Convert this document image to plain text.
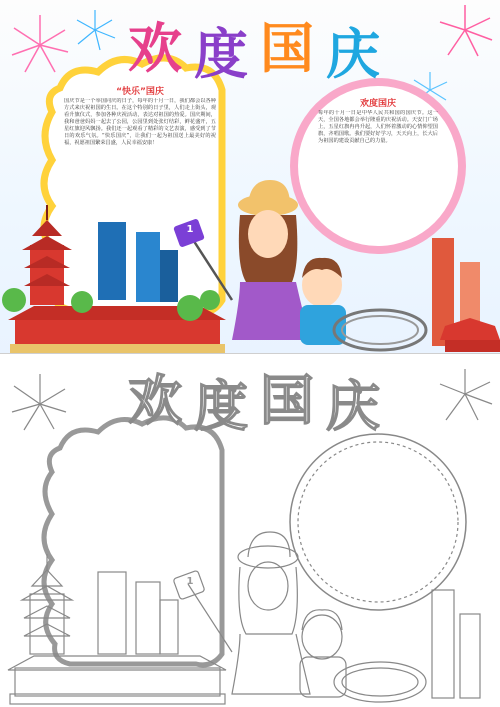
欢 度 国 庆
“快乐”国庆
国庆节是一个举国同庆的日子，每年的十月一日，我们都会以各种方式来庆祝祖国的生日。在这个特别的日子里，人们走上街头，观看升旗仪式，参加各种庆祝活动，表达对祖国的热爱。国庆期间，我和爸爸妈妈一起去了公园，公园里到处张灯结彩，鲜花盛开，五星红旗迎风飘扬。我们还一起观看了精彩的文艺表演，感受到了节日的欢乐气氛。“快乐国庆”，让我们一起为祖国送上最美好的祝福，祝愿祖国繁荣昌盛，人民幸福安康！
欢度国庆
每年的十月一日是中华人民共和国的国庆节。这一天，全国各地都会举行隆重的庆祝活动。天安门广场上，五星红旗冉冉升起，人们怀着激动的心情仰望国旗，齐唱国歌。我们要好好学习，天天向上，长大后为祖国的建设贡献自己的力量。
1
欢 度 国 庆
1
